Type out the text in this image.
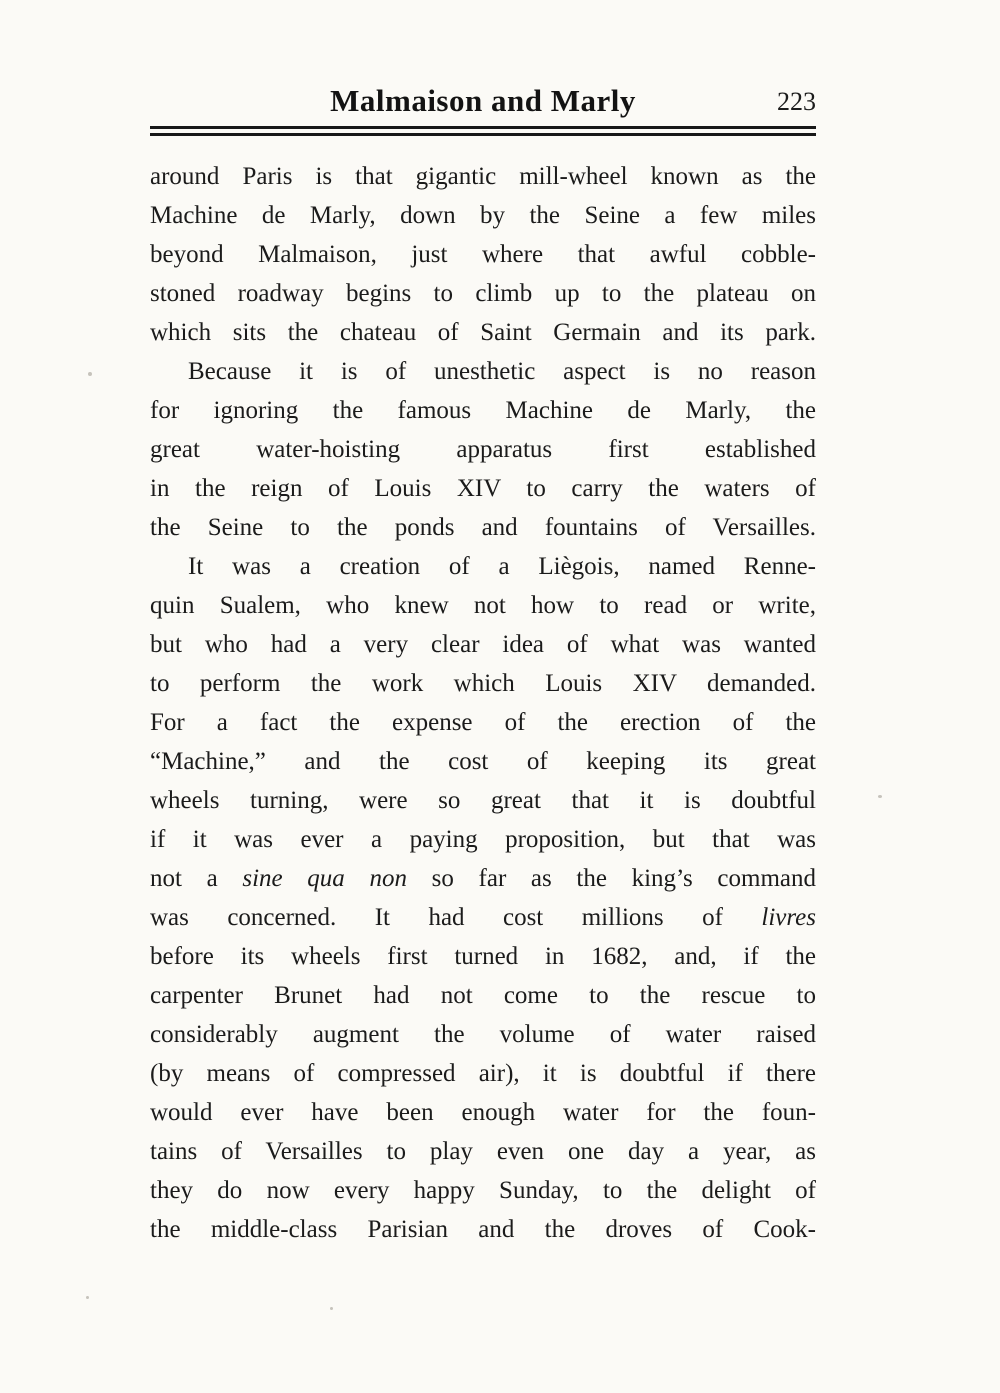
Malmaison and Marly	223
around Paris is that gigantic mill-wheel known as the
Machine de Marly, down by the Seine a few miles
beyond Malmaison, just where that awful cobble-
stoned roadway begins to climb up to the plateau on
which sits the chateau of Saint Germain and its park.
Because it is of unesthetic aspect is no reason
for ignoring the famous Machine de Marly, the
great water-hoisting apparatus first established
in the reign of Louis XIV to carry the waters of
the Seine to the ponds and fountains of Versailles.
It was a creation of a Liègois, named Renne-
quin Sualem, who knew not how to read or write,
but who had a very clear idea of what was wanted
to perform the work which Louis XIV demanded.
For a fact the expense of the erection of the
“Machine,” and the cost of keeping its great
wheels turning, were so great that it is doubtful
if it was ever a paying proposition, but that was
not a sine qua non so far as the king’s command
was concerned. It had cost millions of livres
before its wheels first turned in 1682, and, if the
carpenter Brunet had not come to the rescue to
considerably augment the volume of water raised
(by means of compressed air), it is doubtful if there
would ever have been enough water for the foun-
tains of Versailles to play even one day a year, as
they do now every happy Sunday, to the delight of
the middle-class Parisian and the droves of Cook-
